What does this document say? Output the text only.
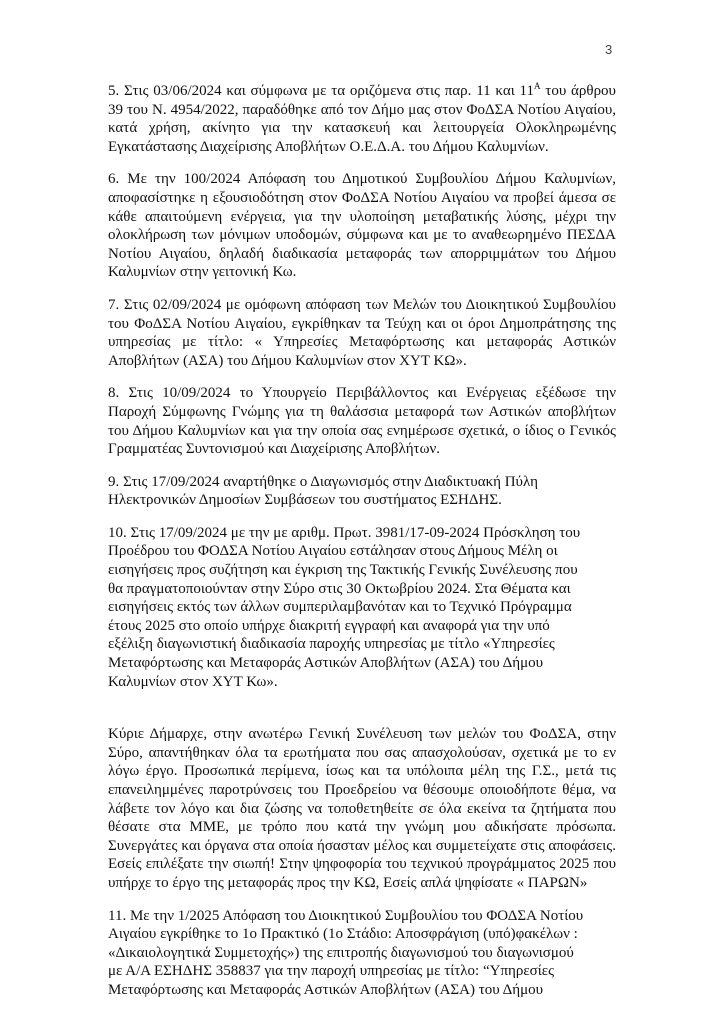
3

5. Στις 03/06/2024 και σύμφωνα με τα οριζόμενα στις παρ. 11 και $11^A$ του άρθρου 39 του Ν. 4954/2022, παραδόθηκε από τον Δήμο μας στον ΦοΔΣΑ Νοτίου Αιγαίου, κατά χρήση, ακίνητο για την κατασκευή και λειτουργεία Ολοκληρωμένης Εγκατάστασης Διαχείρισης Αποβλήτων Ο.Ε.Δ.Α. του Δήμου Καλυμνίων.

6. Με την 100/2024 Απόφαση του Δημοτικού Συμβουλίου Δήμου Καλυμνίων, αποφασίστηκε η εξουσιοδότηση στον ΦοΔΣΑ Νοτίου Αιγαίου να προβεί άμεσα σε κάθε απαιτούμενη ενέργεια, για την υλοποίηση μεταβατικής λύσης, μέχρι την ολοκλήρωση των μόνιμων υποδομών, σύμφωνα και με το αναθεωρημένο ΠΕΣΔΑ Νοτίου Αιγαίου, δηλαδή διαδικασία μεταφοράς των απορριμμάτων του Δήμου Καλυμνίων στην γειτονική Κω.

7. Στις 02/09/2024 με ομόφωνη απόφαση των Μελών του Διοικητικού Συμβουλίου του ΦοΔΣΑ Νοτίου Αιγαίου, εγκρίθηκαν τα Τεύχη και οι όροι Δημοπράτησης της υπηρεσίας με τίτλο: « Υπηρεσίες Μεταφόρτωσης και μεταφοράς Αστικών Αποβλήτων (ΑΣΑ) του Δήμου Καλυμνίων στον ΧΥΤ ΚΩ».

8. Στις 10/09/2024 το Υπουργείο Περιβάλλοντος και Ενέργειας εξέδωσε την Παροχή Σύμφωνης Γνώμης για τη θαλάσσια μεταφορά των Αστικών αποβλήτων του Δήμου Καλυμνίων και για την οποία σας ενημέρωσε σχετικά, ο ίδιος ο Γενικός Γραμματέας Συντονισμού και Διαχείρισης Αποβλήτων.

9. Στις 17/09/2024 αναρτήθηκε ο Διαγωνισμός στην Διαδικτυακή Πύλη
Ηλεκτρονικών Δημοσίων Συμβάσεων του συστήματος ΕΣΗΔΗΣ.

10. Στις 17/09/2024 με την με αριθμ. Πρωτ. 3981/17-09-2024 Πρόσκληση του
Προέδρου του ΦΟΔΣΑ Νοτίου Αιγαίου εστάλησαν στους Δήμους Μέλη οι
εισηγήσεις προς συζήτηση και έγκριση της Τακτικής Γενικής Συνέλευσης που
θα πραγματοποιούνταν στην Σύρο στις 30 Οκτωβρίου 2024. Στα Θέματα και
εισηγήσεις εκτός των άλλων συμπεριλαμβανόταν και το Τεχνικό Πρόγραμμα
έτους 2025 στο οποίο υπήρχε διακριτή εγγραφή και αναφορά για την υπό
εξέλιξη διαγωνιστική διαδικασία παροχής υπηρεσίας με τίτλο «Υπηρεσίες
Μεταφόρτωσης και Μεταφοράς Αστικών Αποβλήτων (ΑΣΑ) του Δήμου
Καλυμνίων στον ΧΥΤ Κω».

Κύριε Δήμαρχε, στην ανωτέρω Γενική Συνέλευση των μελών του ΦοΔΣΑ, στην Σύρο, απαντήθηκαν όλα τα ερωτήματα που σας απασχολούσαν, σχετικά με το εν λόγω έργο. Προσωπικά περίμενα, ίσως και τα υπόλοιπα μέλη της Γ.Σ., μετά τις επανειλημμένες παροτρύνσεις του Προεδρείου να θέσουμε οποιοδήποτε θέμα, να λάβετε τον λόγο και δια ζώσης να τοποθετηθείτε σε όλα εκείνα τα ζητήματα που θέσατε στα ΜΜΕ, με τρόπο που κατά την γνώμη μου αδικήσατε πρόσωπα. Συνεργάτες και όργανα στα οποία ήσασταν μέλος και συμμετείχατε στις αποφάσεις. Εσείς επιλέξατε την σιωπή! Στην ψηφοφορία του τεχνικού προγράμματος 2025 που υπήρχε το έργο της μεταφοράς προς την ΚΩ, Εσείς απλά ψηφίσατε « ΠΑΡΩΝ»

11. Με την 1/2025 Απόφαση του Διοικητικού Συμβουλίου του ΦΟΔΣΑ Νοτίου
Αιγαίου εγκρίθηκε το 1ο Πρακτικό (1ο Στάδιο: Αποσφράγιση (υπό)φακέλων :
«Δικαιολογητικά Συμμετοχής») της επιτροπής διαγωνισμού του διαγωνισμού
με Α/Α ΕΣΗΔΗΣ 358837 για την παροχή υπηρεσίας με τίτλο: “Υπηρεσίες
Μεταφόρτωσης και Μεταφοράς Αστικών Αποβλήτων (ΑΣΑ) του Δήμου
